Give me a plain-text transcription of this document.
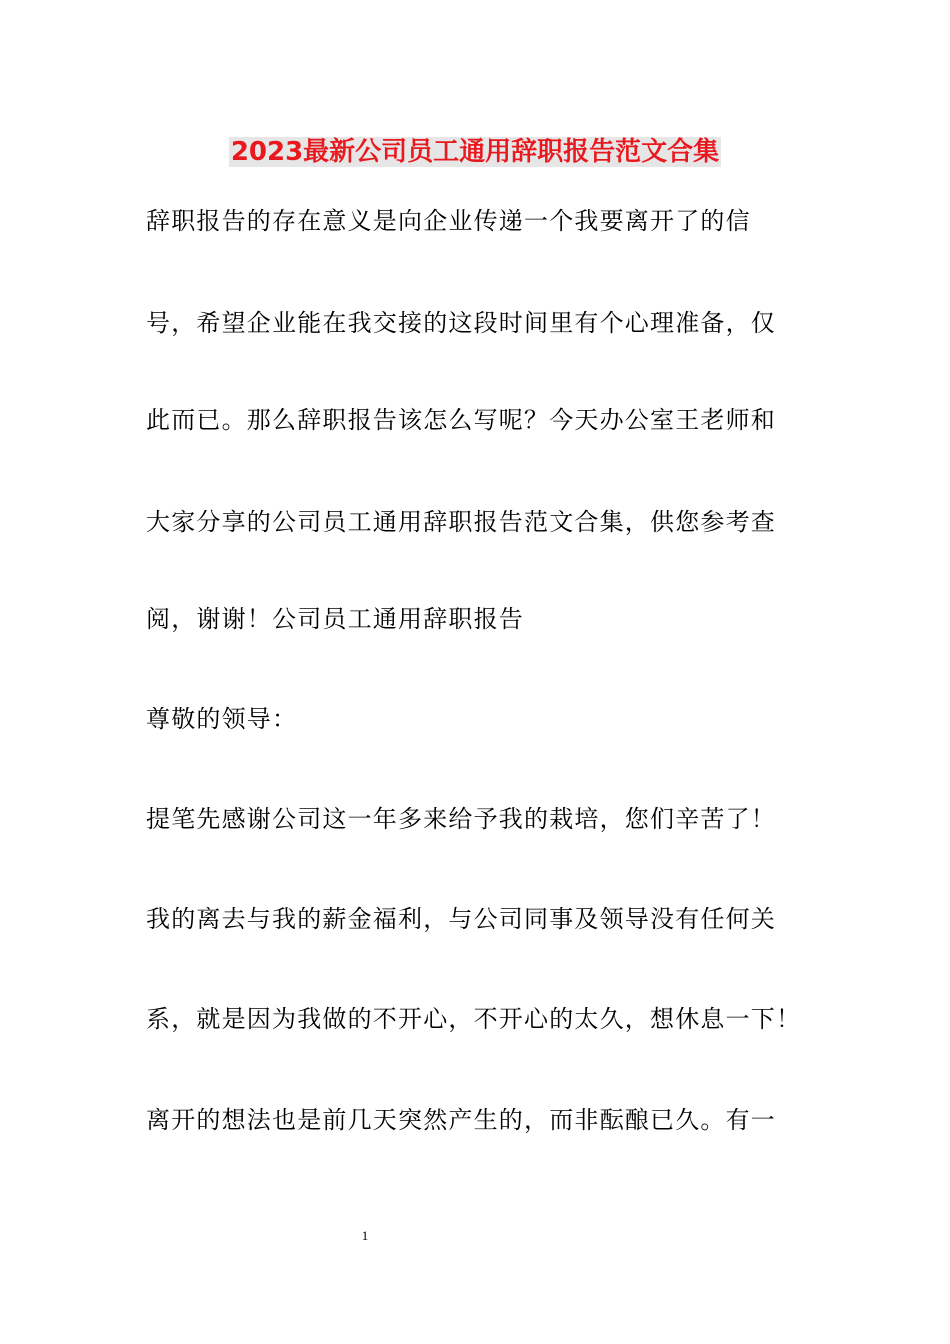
2023最新公司员工通用辞职报告范文合集
辞职报告的存在意义是向企业传递一个我要离开了的信
号，希望企业能在我交接的这段时间里有个心理准备，仅
此而已。那么辞职报告该怎么写呢？今天办公室王老师和
大家分享的公司员工通用辞职报告范文合集，供您参考查
阅，谢谢！公司员工通用辞职报告
尊敬的领导：
提笔先感谢公司这一年多来给予我的栽培，您们辛苦了！
我的离去与我的薪金福利，与公司同事及领导没有任何关
系，就是因为我做的不开心，不开心的太久，想休息一下！
离开的想法也是前几天突然产生的，而非酝酿已久。有一
1
